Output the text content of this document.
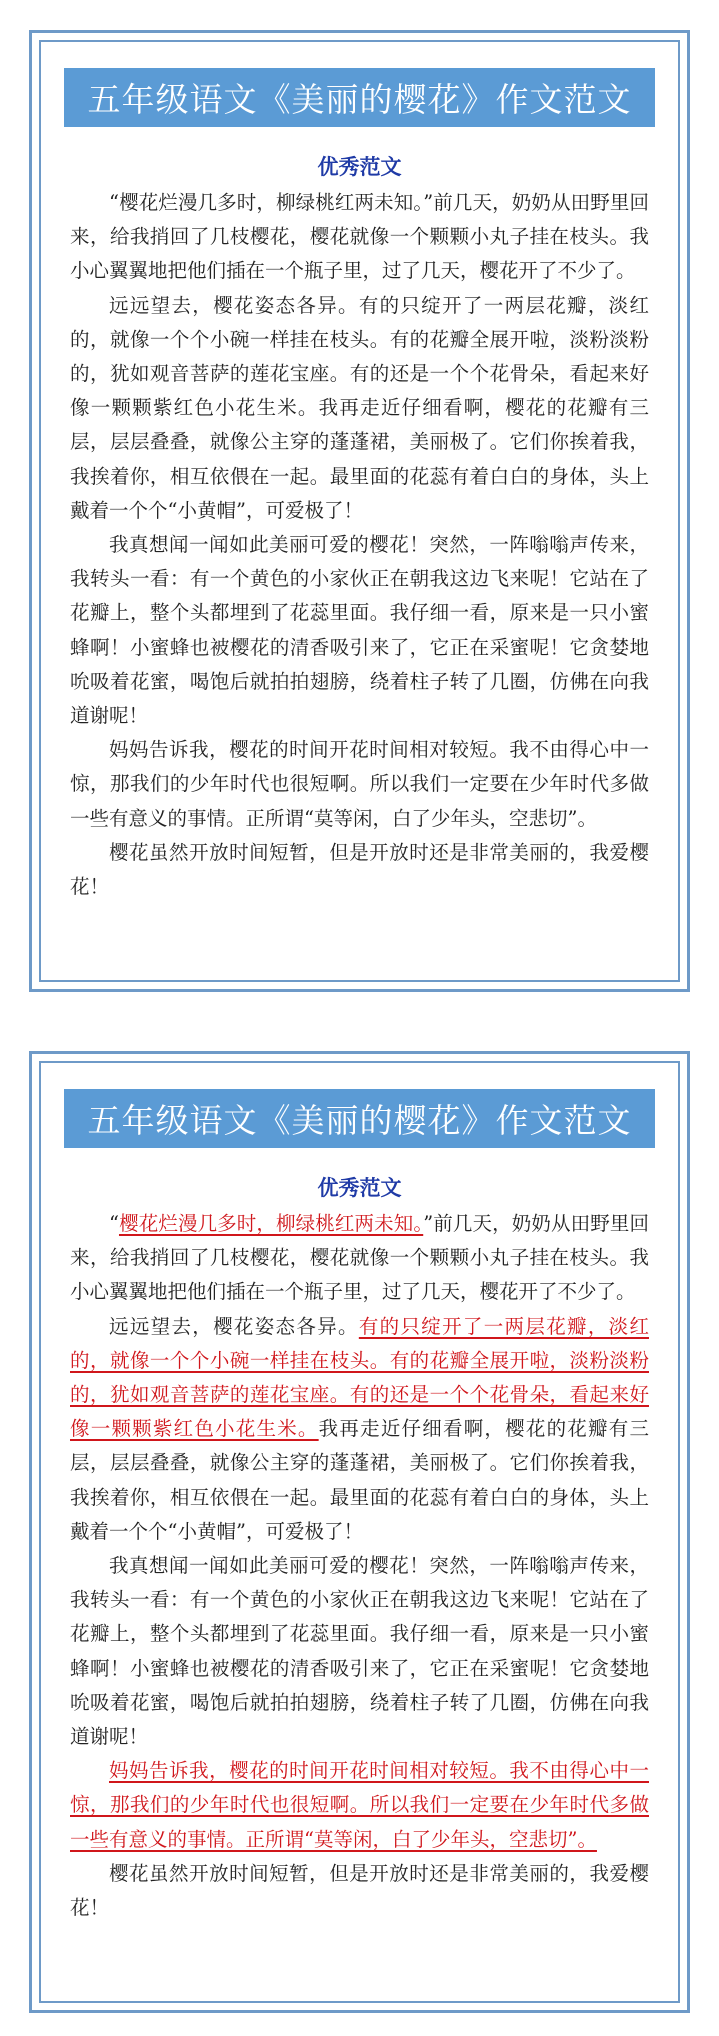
五年级语文《美丽的樱花》作文范文
优秀范文

“樱花烂漫几多时，柳绿桃红两未知。”前几天，奶奶从田野里回来，给我捎回了几枝樱花，樱花就像一个颗颗小丸子挂在枝头。我小心翼翼地把他们插在一个瓶子里，过了几天，樱花开了不少了。

远远望去，樱花姿态各异。有的只绽开了一两层花瓣，淡红的，就像一个个小碗一样挂在枝头。有的花瓣全展开啦，淡粉淡粉的，犹如观音菩萨的莲花宝座。有的还是一个个花骨朵，看起来好像一颗颗紫红色小花生米。我再走近仔细看啊，樱花的花瓣有三层，层层叠叠，就像公主穿的蓬蓬裙，美丽极了。它们你挨着我，我挨着你，相互依偎在一起。最里面的花蕊有着白白的身体，头上戴着一个个“小黄帽”，可爱极了！

我真想闻一闻如此美丽可爱的樱花！突然，一阵嗡嗡声传来，我转头一看：有一个黄色的小家伙正在朝我这边飞来呢！它站在了花瓣上，整个头都埋到了花蕊里面。我仔细一看，原来是一只小蜜蜂啊！小蜜蜂也被樱花的清香吸引来了，它正在采蜜呢！它贪婪地吮吸着花蜜，喝饱后就拍拍翅膀，绕着柱子转了几圈，仿佛在向我道谢呢！

妈妈告诉我，樱花的时间开花时间相对较短。我不由得心中一惊，那我们的少年时代也很短啊。所以我们一定要在少年时代多做一些有意义的事情。正所谓“莫等闲，白了少年头，空悲切”。

樱花虽然开放时间短暂，但是开放时还是非常美丽的，我爱樱花！

五年级语文《美丽的樱花》作文范文
优秀范文

“樱花烂漫几多时，柳绿桃红两未知。”前几天，奶奶从田野里回来，给我捎回了几枝樱花，樱花就像一个颗颗小丸子挂在枝头。我小心翼翼地把他们插在一个瓶子里，过了几天，樱花开了不少了。

远远望去，樱花姿态各异。有的只绽开了一两层花瓣，淡红的，就像一个个小碗一样挂在枝头。有的花瓣全展开啦，淡粉淡粉的，犹如观音菩萨的莲花宝座。有的还是一个个花骨朵，看起来好像一颗颗紫红色小花生米。我再走近仔细看啊，樱花的花瓣有三层，层层叠叠，就像公主穿的蓬蓬裙，美丽极了。它们你挨着我，我挨着你，相互依偎在一起。最里面的花蕊有着白白的身体，头上戴着一个个“小黄帽”，可爱极了！

我真想闻一闻如此美丽可爱的樱花！突然，一阵嗡嗡声传来，我转头一看：有一个黄色的小家伙正在朝我这边飞来呢！它站在了花瓣上，整个头都埋到了花蕊里面。我仔细一看，原来是一只小蜜蜂啊！小蜜蜂也被樱花的清香吸引来了，它正在采蜜呢！它贪婪地吮吸着花蜜，喝饱后就拍拍翅膀，绕着柱子转了几圈，仿佛在向我道谢呢！

妈妈告诉我，樱花的时间开花时间相对较短。我不由得心中一惊，那我们的少年时代也很短啊。所以我们一定要在少年时代多做一些有意义的事情。正所谓“莫等闲，白了少年头，空悲切”。

樱花虽然开放时间短暂，但是开放时还是非常美丽的，我爱樱花！
